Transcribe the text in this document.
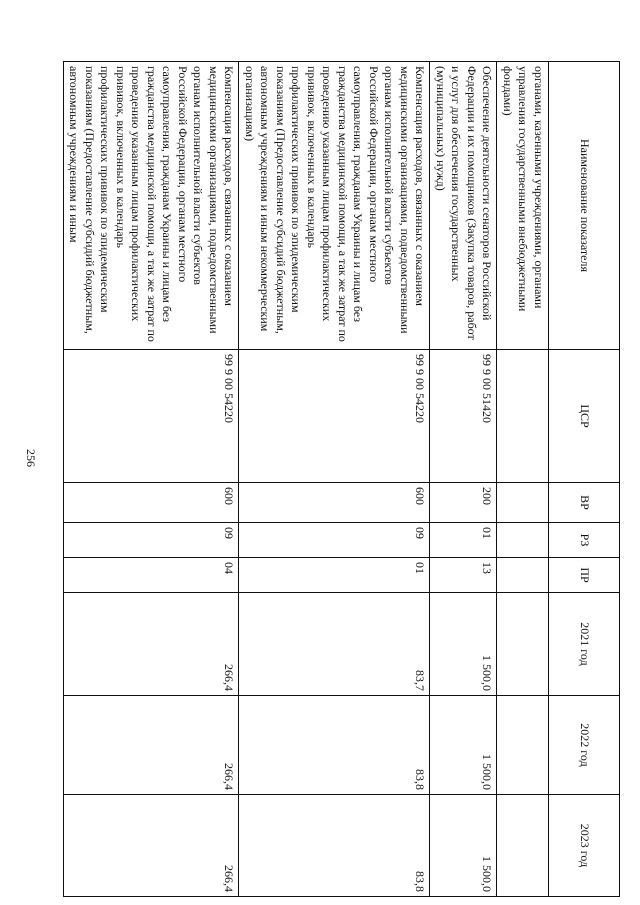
256
Наименование показателя	ЦСР	ВР	РЗ	ПР	2021 год	2022 год	2023 год
органами, казенными учреждениями, органами управления государственными внебюджетными фондами)							
Обеспечение деятельности сенаторов Российской Федерации и их помощников (Закупка товаров, работ и услуг для обеспечения государственных (муниципальных) нужд)	99 9 00 51420	200	01	13	1 500,0	1 500,0	1 500,0
Компенсация расходов, связанных с оказанием медицинскими организациями, подведомственными органам исполнительной власти субъектов Российской Федерации, органам местного самоуправления, гражданам Украины и лицам без гражданства медицинской помощи, а так же затрат по проведению указанным лицам профилактических прививок, включенных в календарь профилактических прививок по эпидемическим показаниям (Предоставление субсидий бюджетным, автономным учреждениям и иным некоммерческим организациям)	99 9 00 54220	600	09	01	83,7	83,8	83,8
Компенсация расходов, связанных с оказанием медицинскими организациями, подведомственными органам исполнительной власти субъектов Российской Федерации, органам местного самоуправления, гражданам Украины и лицам без гражданства медицинской помощи, а так же затрат по проведению указанным лицам профилактических прививок, включенных в календарь профилактических прививок по эпидемическим показаниям (Предоставление субсидий бюджетным, автономным учреждениям и иным	99 9 00 54220	600	09	04	266,4	266,4	266,4
